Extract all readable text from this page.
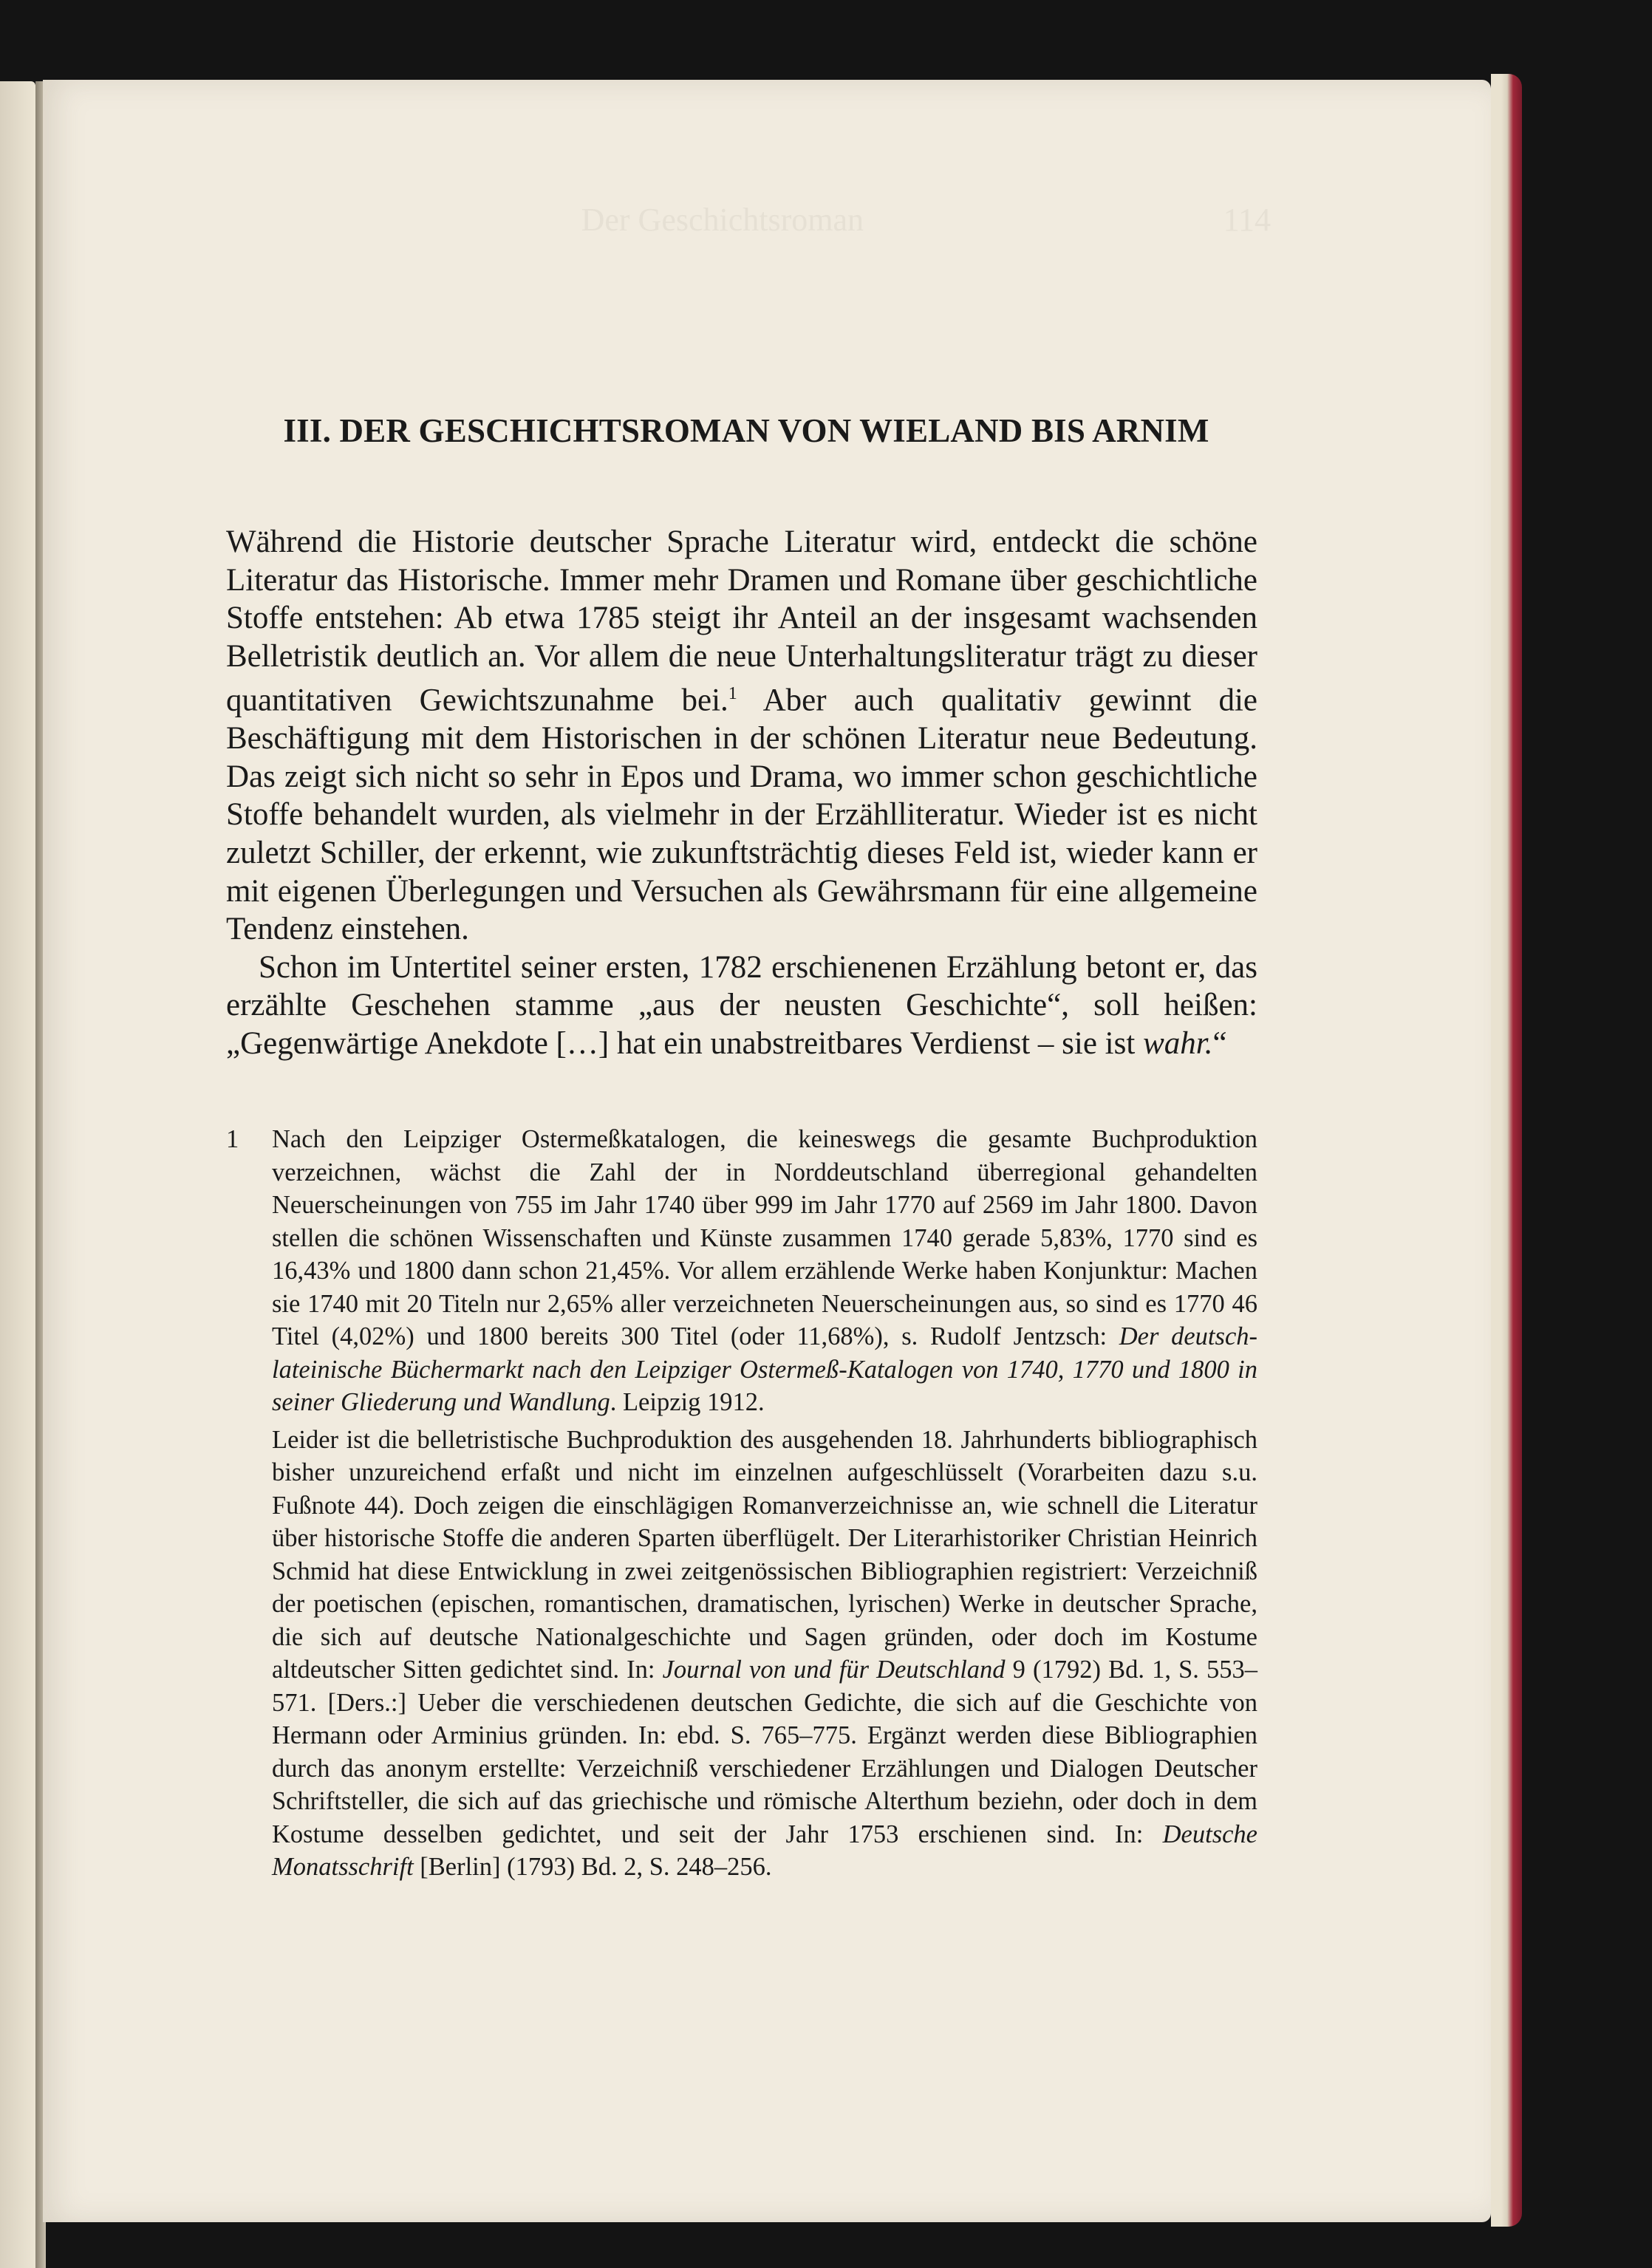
Der Geschichtsroman	114
III. DER GESCHICHTSROMAN VON WIELAND BIS ARNIM

Während die Historie deutscher Sprache Literatur wird, entdeckt die schöne Literatur das Historische. Immer mehr Dramen und Romane über geschichtliche Stoffe entstehen: Ab etwa 1785 steigt ihr Anteil an der insgesamt wachsenden Belletristik deutlich an. Vor allem die neue Unterhaltungsliteratur trägt zu dieser quantitativen Gewichtszunahme bei.$^1$ Aber auch qualitativ gewinnt die Beschäftigung mit dem Historischen in der schönen Literatur neue Bedeutung. Das zeigt sich nicht so sehr in Epos und Drama, wo immer schon geschichtliche Stoffe behandelt wurden, als vielmehr in der Erzählliteratur. Wieder ist es nicht zuletzt Schiller, der erkennt, wie zukunftsträchtig dieses Feld ist, wieder kann er mit eigenen Überlegungen und Versuchen als Gewährsmann für eine allgemeine Tendenz einstehen.

Schon im Untertitel seiner ersten, 1782 erschienenen Erzählung betont er, das erzählte Geschehen stamme „aus der neusten Geschichte“, soll heißen: „Gegenwärtige Anekdote […] hat ein unabstreitbares Verdienst – sie ist wahr.“

1	Nach den Leipziger Ostermeßkatalogen, die keineswegs die gesamte Buchproduktion verzeichnen, wächst die Zahl der in Norddeutschland überregional gehandelten Neuerscheinungen von 755 im Jahr 1740 über 999 im Jahr 1770 auf 2569 im Jahr 1800. Davon stellen die schönen Wissenschaften und Künste zusammen 1740 gerade 5,83%, 1770 sind es 16,43% und 1800 dann schon 21,45%. Vor allem erzählende Werke haben Konjunktur: Machen sie 1740 mit 20 Titeln nur 2,65% aller verzeichneten Neuerscheinungen aus, so sind es 1770 46 Titel (4,02%) und 1800 bereits 300 Titel (oder 11,68%), s. Rudolf Jentzsch: Der deutsch-lateinische Büchermarkt nach den Leipziger Ostermeß-Katalogen von 1740, 1770 und 1800 in seiner Gliederung und Wandlung. Leipzig 1912.

Leider ist die belletristische Buchproduktion des ausgehenden 18. Jahrhunderts bibliographisch bisher unzureichend erfaßt und nicht im einzelnen aufgeschlüsselt (Vorarbeiten dazu s.u. Fußnote 44). Doch zeigen die einschlägigen Romanverzeichnisse an, wie schnell die Literatur über historische Stoffe die anderen Sparten überflügelt. Der Literarhistoriker Christian Heinrich Schmid hat diese Entwicklung in zwei zeitgenössischen Bibliographien registriert: Verzeichniß der poetischen (epischen, romantischen, dramatischen, lyrischen) Werke in deutscher Sprache, die sich auf deutsche Nationalgeschichte und Sagen gründen, oder doch im Kostume altdeutscher Sitten gedichtet sind. In: Journal von und für Deutschland 9 (1792) Bd. 1, S. 553–571. [Ders.:] Ueber die verschiedenen deutschen Gedichte, die sich auf die Geschichte von Hermann oder Arminius gründen. In: ebd. S. 765–775. Ergänzt werden diese Bibliographien durch das anonym erstellte: Verzeichniß verschiedener Erzählungen und Dialogen Deutscher Schriftsteller, die sich auf das griechische und römische Alterthum beziehn, oder doch in dem Kostume desselben gedichtet, und seit der Jahr 1753 erschienen sind. In: Deutsche Monatsschrift [Berlin] (1793) Bd. 2, S. 248–256.
